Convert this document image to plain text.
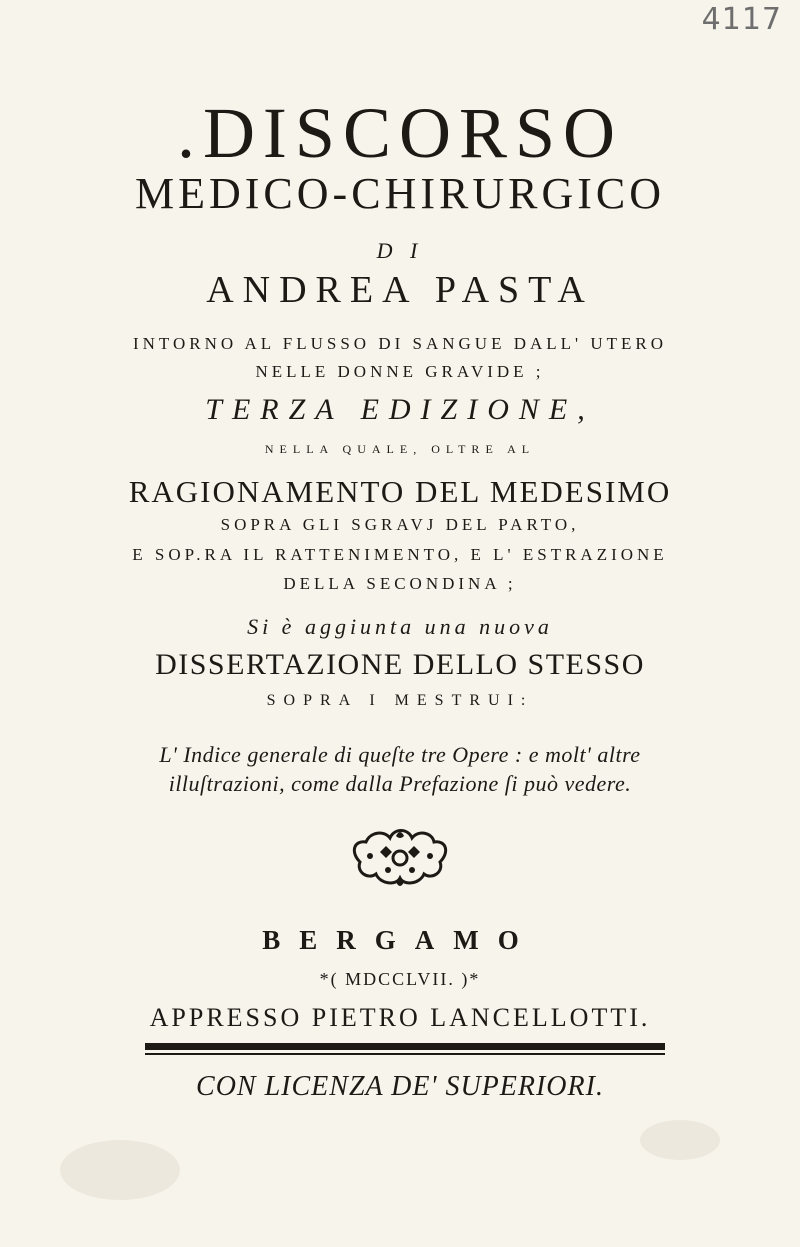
4117
.DISCORSO
MEDICO-CHIRURGICO
D I
ANDREA PASTA
INTORNO AL FLUSSO DI SANGUE DALL' UTERO
NELLE DONNE GRAVIDE ;
TERZA EDIZIONE,
NELLA QUALE, OLTRE AL
RAGIONAMENTO DEL MEDESIMO
SOPRA GLI SGRAVJ DEL PARTO,
E SOP.RA IL RATTENIMENTO, E L' ESTRAZIONE
DELLA SECONDINA ;
Si è aggiunta una nuova
DISSERTAZIONE DELLO STESSO
SOPRA I MESTRUI:
L' Indice generale di queſte tre Opere : e molt' altre
illuſtrazioni, come dalla Prefazione ſi può vedere.
BERGAMO
*( MDCCLVII. )*
APPRESSO PIETRO LANCELLOTTI.
CON LICENZA DE' SUPERIORI.
